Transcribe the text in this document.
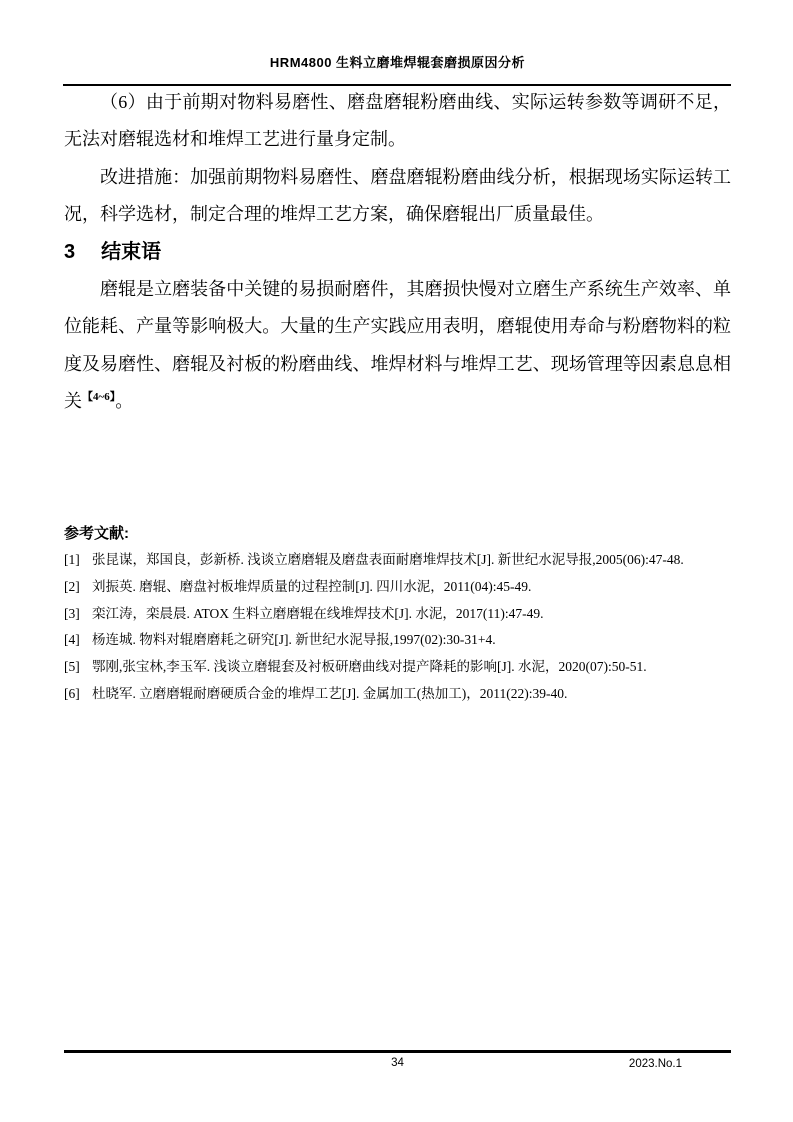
HRM4800 生料立磨堆焊辊套磨损原因分析

（6）由于前期对物料易磨性、磨盘磨辊粉磨曲线、实际运转参数等调研不足，无法对磨辊选材和堆焊工艺进行量身定制。

改进措施：加强前期物料易磨性、磨盘磨辊粉磨曲线分析，根据现场实际运转工况，科学选材，制定合理的堆焊工艺方案，确保磨辊出厂质量最佳。

3 结束语

磨辊是立磨装备中关键的易损耐磨件，其磨损快慢对立磨生产系统生产效率、单位能耗、产量等影响极大。大量的生产实践应用表明，磨辊使用寿命与粉磨物料的粒度及易磨性、磨辊及衬板的粉磨曲线、堆焊材料与堆焊工艺、现场管理等因素息息相关$^{【4\sim 6】}$。

参考文献:
[1] 张昆谋，郑国良，彭新桥. 浅谈立磨磨辊及磨盘表面耐磨堆焊技术[J]. 新世纪水泥导报,2005(06):47-48.
[2] 刘振英. 磨辊、磨盘衬板堆焊质量的过程控制[J]. 四川水泥，2011(04):45-49.
[3] 栾江涛，栾晨晨. ATOX 生料立磨磨辊在线堆焊技术[J]. 水泥，2017(11):47-49.
[4] 杨连城. 物料对辊磨磨耗之研究[J]. 新世纪水泥导报,1997(02):30-31+4.
[5] 鄂刚,张宝林,李玉军. 浅谈立磨辊套及衬板研磨曲线对提产降耗的影响[J]. 水泥，2020(07):50-51.
[6] 杜晓军. 立磨磨辊耐磨硬质合金的堆焊工艺[J]. 金属加工(热加工)，2011(22):39-40.
34	2023.No.1
